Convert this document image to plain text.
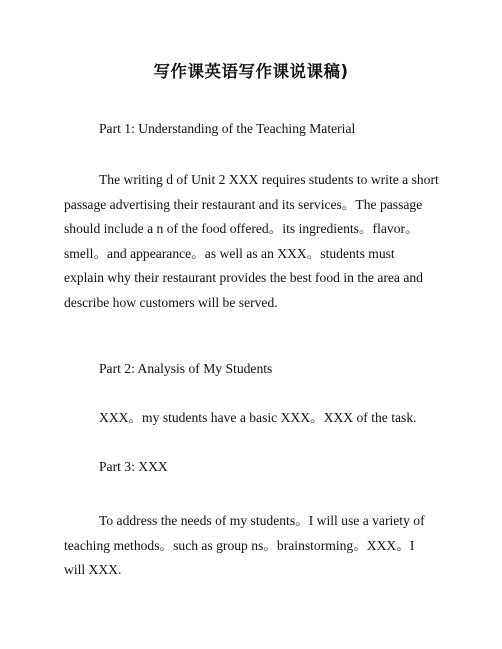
写作课英语写作课说课稿)
Part 1: Understanding of the Teaching Material
The writing d of Unit 2 XXX requires students to write a short
passage advertising their restaurant and its services。The passage
should include a n of the food offered。its ingredients。flavor。
smell。and appearance。as well as an XXX。students must
explain why their restaurant provides the best food in the area and
describe how customers will be served.
Part 2: Analysis of My Students
XXX。my students have a basic XXX。XXX of the task.
Part 3: XXX
To address the needs of my students。I will use a variety of
teaching methods。such as group ns。brainstorming。XXX。I
will XXX.
